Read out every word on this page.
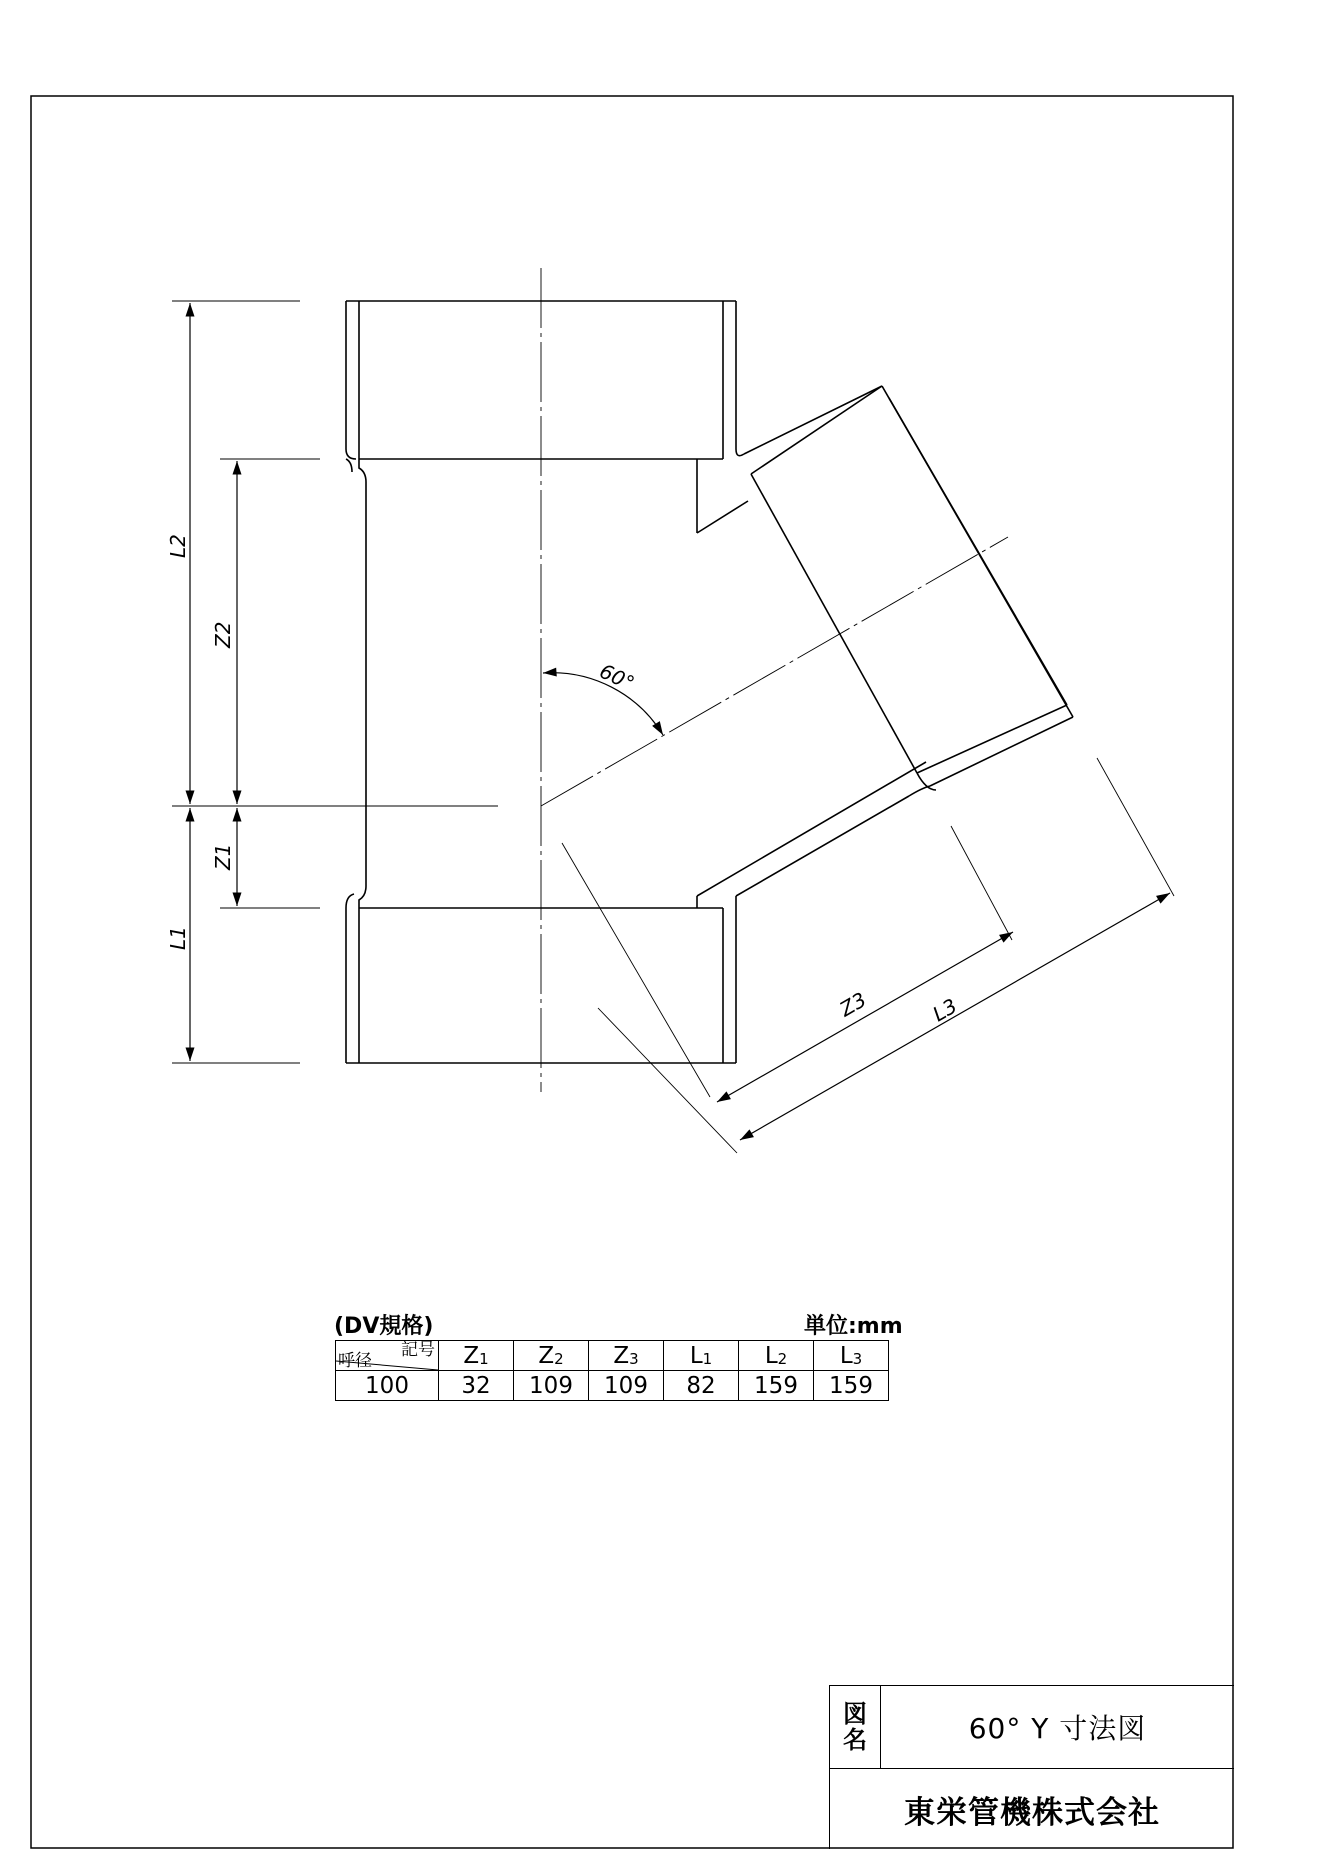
L2
Z2
Z1
L1
Z3	L3
60°
(DV規格)	単位:mm
記号
呼径	$Z_1$	$Z_2$	$Z_3$	$L_1$	$L_2$	$L_3$
100	32	109	109	82	159	159
図
名	60° Y 寸法図
東栄管機株式会社
